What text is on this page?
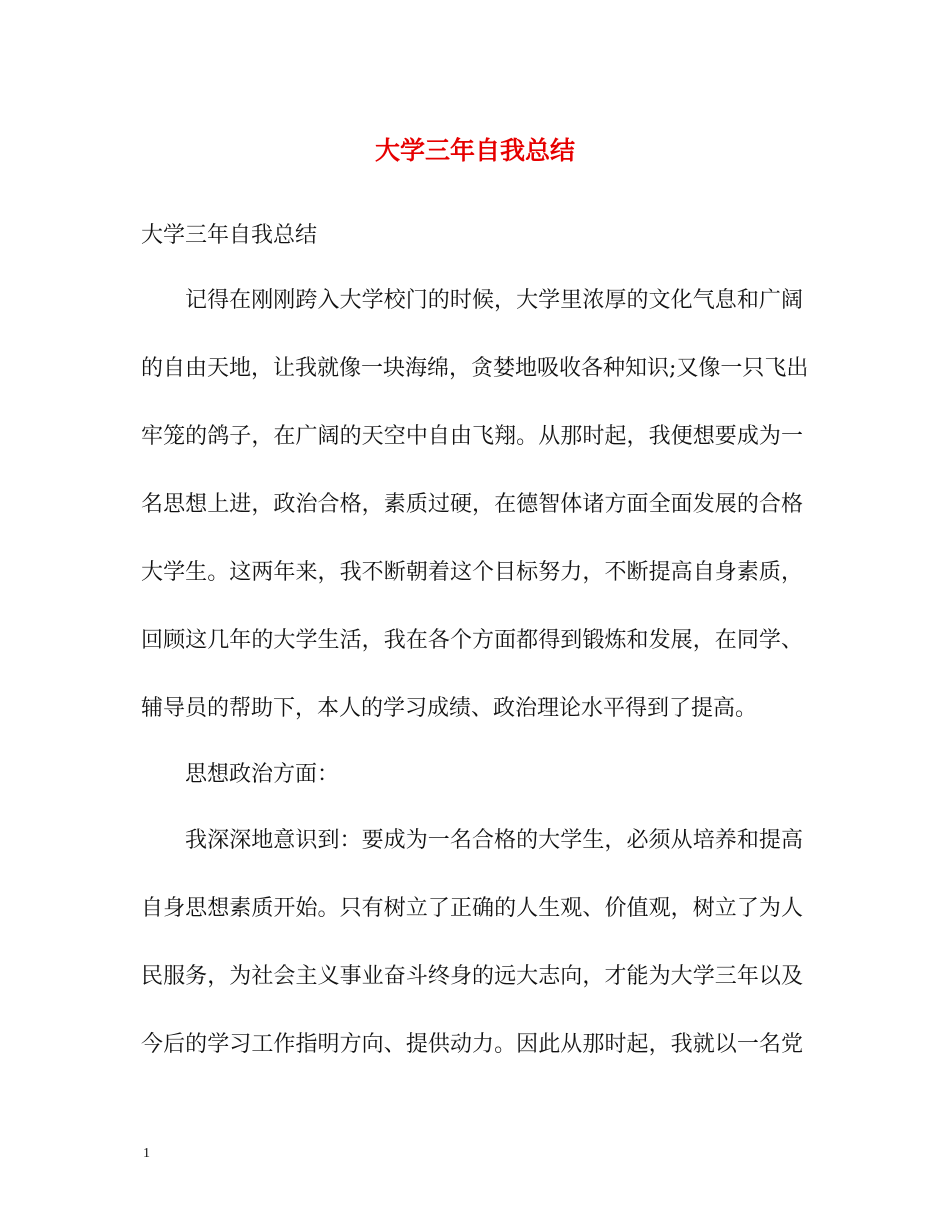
大学三年自我总结
大学三年自我总结
记得在刚刚跨入大学校门的时候，大学里浓厚的文化气息和广阔
的自由天地，让我就像一块海绵，贪婪地吸收各种知识;又像一只飞出
牢笼的鸽子，在广阔的天空中自由飞翔。从那时起，我便想要成为一
名思想上进，政治合格，素质过硬，在德智体诸方面全面发展的合格
大学生。这两年来，我不断朝着这个目标努力，不断提高自身素质，
回顾这几年的大学生活，我在各个方面都得到锻炼和发展，在同学、
辅导员的帮助下，本人的学习成绩、政治理论水平得到了提高。
思想政治方面：
我深深地意识到：要成为一名合格的大学生，必须从培养和提高
自身思想素质开始。只有树立了正确的人生观、价值观，树立了为人
民服务，为社会主义事业奋斗终身的远大志向，才能为大学三年以及
今后的学习工作指明方向、提供动力。因此从那时起，我就以一名党
1
